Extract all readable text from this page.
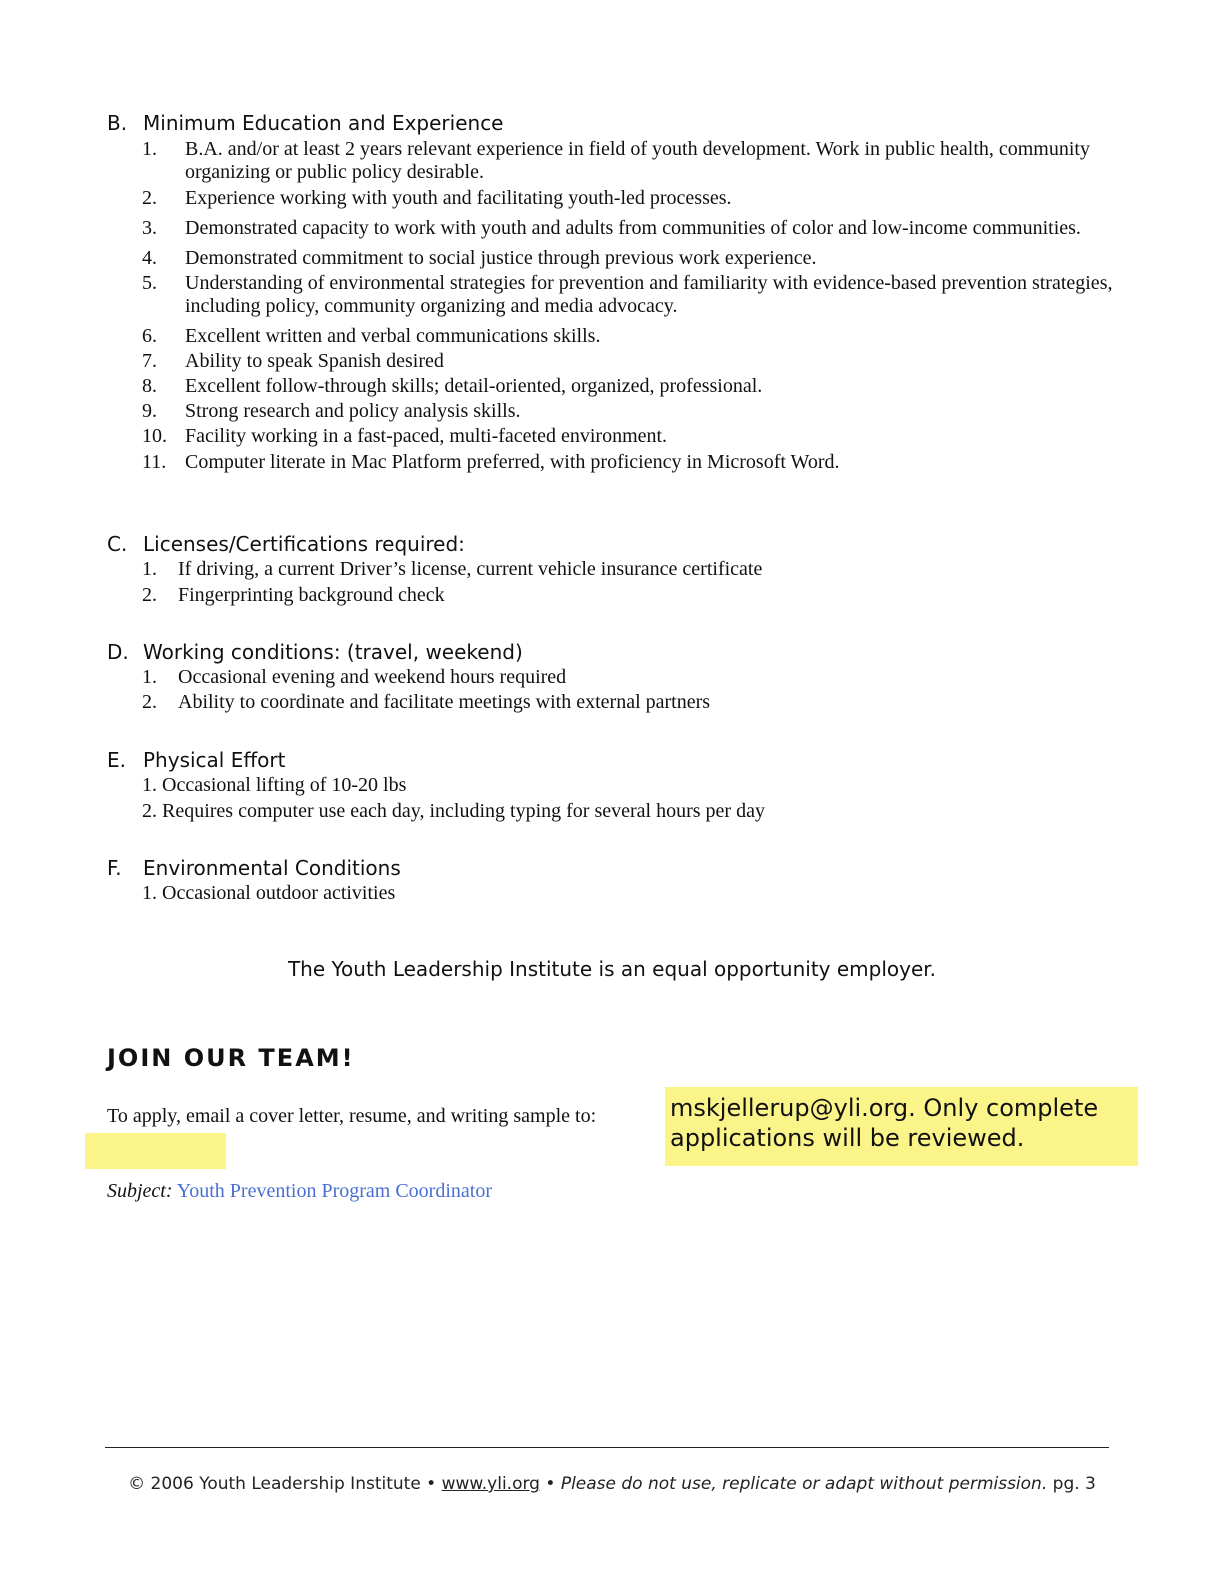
B. Minimum Education and Experience
1. B.A. and/or at least 2 years relevant experience in field of youth development. Work in public health, community organizing or public policy desirable.
2. Experience working with youth and facilitating youth-led processes.
3. Demonstrated capacity to work with youth and adults from communities of color and low-income communities.
4. Demonstrated commitment to social justice through previous work experience.
5. Understanding of environmental strategies for prevention and familiarity with evidence-based prevention strategies, including policy, community organizing and media advocacy.
6. Excellent written and verbal communications skills.
7. Ability to speak Spanish desired
8. Excellent follow-through skills; detail-oriented, organized, professional.
9. Strong research and policy analysis skills.
10. Facility working in a fast-paced, multi-faceted environment.
11. Computer literate in Mac Platform preferred, with proficiency in Microsoft Word.
C. Licenses/Certifications required:
1. If driving, a current Driver’s license, current vehicle insurance certificate
2. Fingerprinting background check
D. Working conditions: (travel, weekend)
1. Occasional evening and weekend hours required
2. Ability to coordinate and facilitate meetings with external partners
E. Physical Effort
1. Occasional lifting of 10-20 lbs
2. Requires computer use each day, including typing for several hours per day
F. Environmental Conditions
1. Occasional outdoor activities
The Youth Leadership Institute is an equal opportunity employer.
JOIN OUR TEAM!
To apply, email a cover letter, resume, and writing sample to:	mskjellerup@yli.org. Only complete applications will be reviewed.
Subject: Youth Prevention Program Coordinator
© 2006 Youth Leadership Institute • www.yli.org • Please do not use, replicate or adapt without permission. pg. 3
